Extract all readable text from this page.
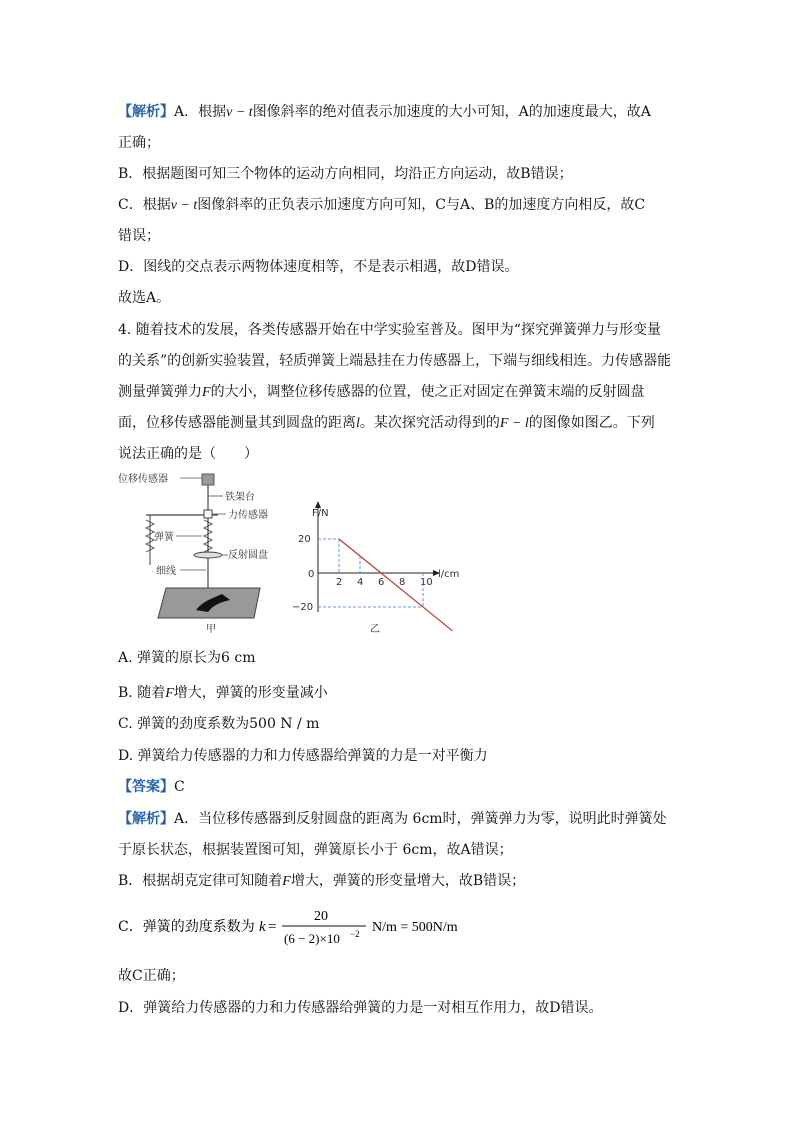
【解析】A．根据v − t图像斜率的绝对值表示加速度的大小可知，A的加速度最大，故A
正确；
B．根据题图可知三个物体的运动方向相同，均沿正方向运动，故B错误；
C．根据v − t图像斜率的正负表示加速度方向可知，C与A、B的加速度方向相反，故C
错误；
D．图线的交点表示两物体速度相等，不是表示相遇，故D错误。
故选A。
4. 随着技术的发展，各类传感器开始在中学实验室普及。图甲为“探究弹簧弹力与形变量
的关系”的创新实验装置，轻质弹簧上端悬挂在力传感器上，下端与细线相连。力传感器能
测量弹簧弹力F的大小，调整位移传感器的位置，使之正对固定在弹簧末端的反射圆盘
面，位移传感器能测量其到圆盘的距离l。某次探究活动得到的F − l的图像如图乙。下列
说法正确的是（　　）
位移传感器
铁架台
力传感器
弹簧
反射圆盘
细线
甲
F/N
l/cm
20
0
−20
2 4 6 8 10
乙
A. 弹簧的原长为6 cm
B. 随着F增大，弹簧的形变量减小
C. 弹簧的劲度系数为500 N / m
D. 弹簧给力传感器的力和力传感器给弹簧的力是一对平衡力
【答案】C
【解析】A．当位移传感器到反射圆盘的距离为 6cm时，弹簧弹力为零，说明此时弹簧处
于原长状态，根据装置图可知，弹簧原长小于 6cm，故A错误；
B．根据胡克定律可知随着F增大，弹簧的形变量增大，故B错误；
C．弹簧的劲度系数为 k =
20
(6 − 2)×10 −2 N/m = 500N/m
故C正确；
D．弹簧给力传感器的力和力传感器给弹簧的力是一对相互作用力，故D错误。
